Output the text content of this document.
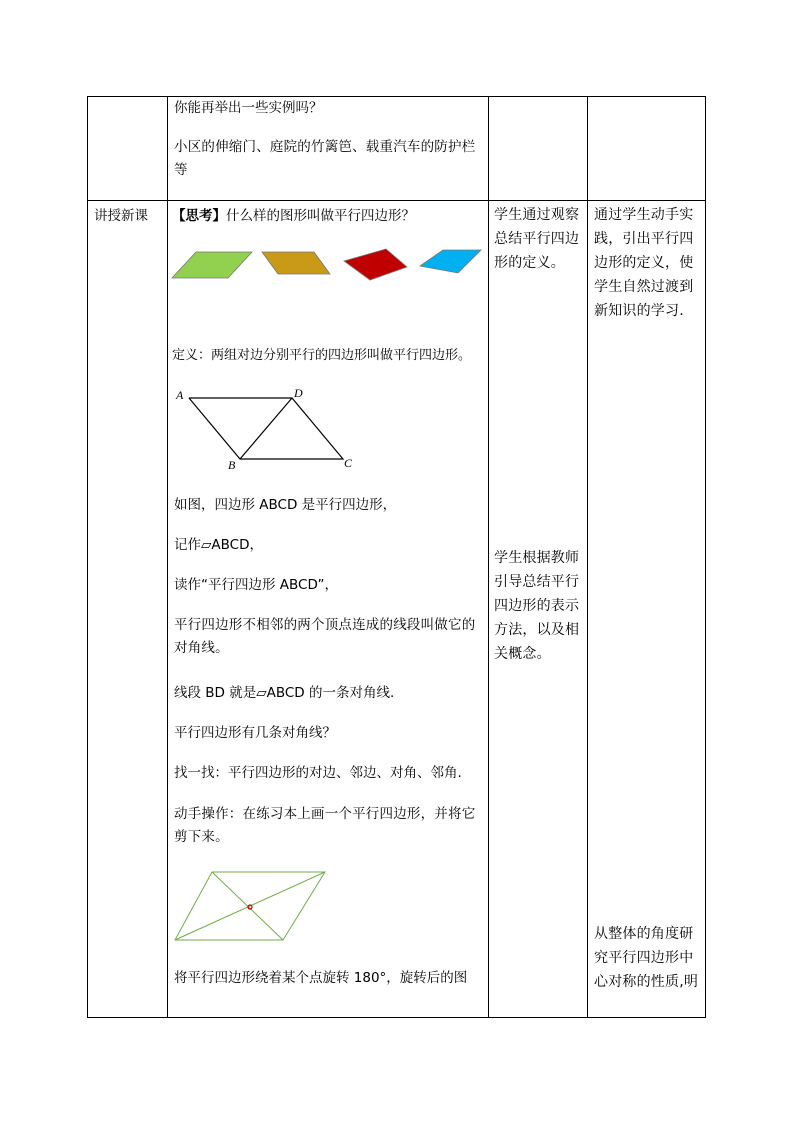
你能再举出一些实例吗？
小区的伸缩门、庭院的竹篱笆、载重汽车的防护栏等
讲授新课 【思考】什么样的图形叫做平行四边形？
定义：两组对边分别平行的四边形叫做平行四边形。
A	D
B	C
如图，四边形 ABCD 是平行四边形，
记作▱ABCD，
读作“平行四边形 ABCD”，
平行四边形不相邻的两个顶点连成的线段叫做它的对角线。
线段 BD 就是▱ABCD 的一条对角线.
平行四边形有几条对角线？
找一找：平行四边形的对边、邻边、对角、邻角.
动手操作：在练习本上画一个平行四边形，并将它剪下来。
将平行四边形绕着某个点旋转 180°，旋转后的图
学生通过观察总结平行四边形的定义。
学生根据教师引导总结平行四边形的表示方法，以及相关概念。
通过学生动手实践，引出平行四边形的定义，使学生自然过渡到新知识的学习.
从整体的角度研究平行四边形中心对称的性质,明
